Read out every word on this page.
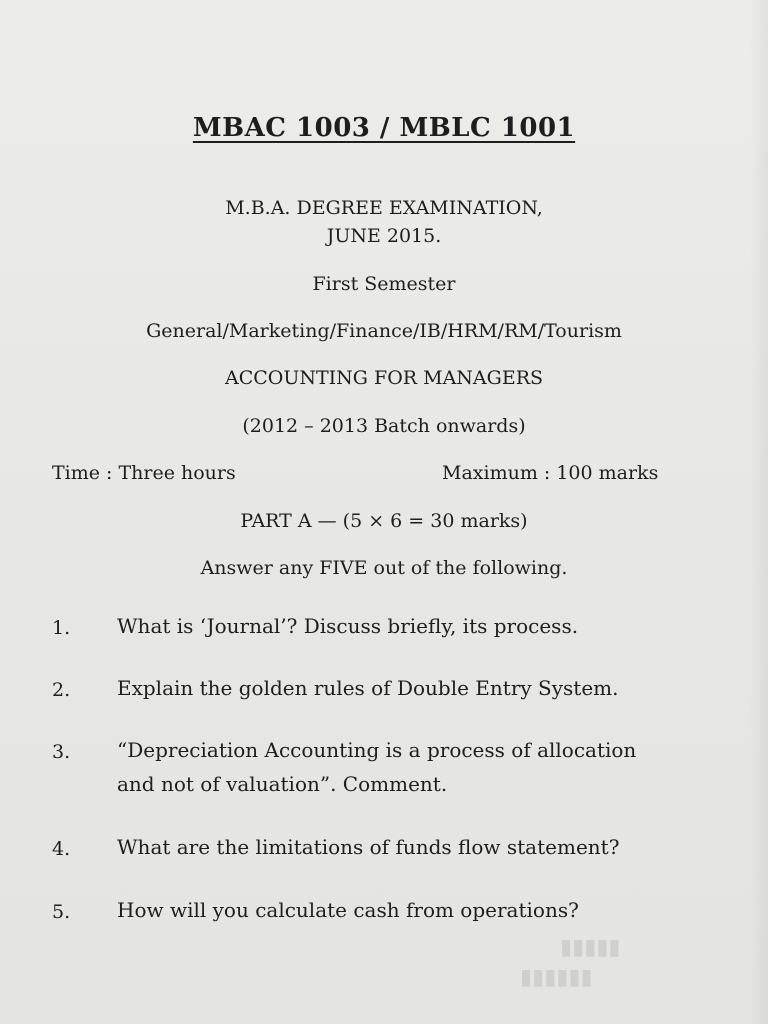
▮▮▮▮▮
▮▮▮▮▮▮
MBAC 1003 / MBLC 1001
M.B.A. DEGREE EXAMINATION,
JUNE 2015.
First Semester
General/Marketing/Finance/IB/HRM/RM/Tourism
ACCOUNTING FOR MANAGERS
(2012 – 2013 Batch onwards)
Time : Three hours	Maximum : 100 marks
PART A — (5 × 6 = 30 marks)
Answer any FIVE out of the following.
1. What is ‘Journal’? Discuss briefly, its process.
2. Explain the golden rules of Double Entry System.
3. “Depreciation Accounting is a process of allocation
and not of valuation”. Comment.
4. What are the limitations of funds flow statement?
5. How will you calculate cash from operations?
